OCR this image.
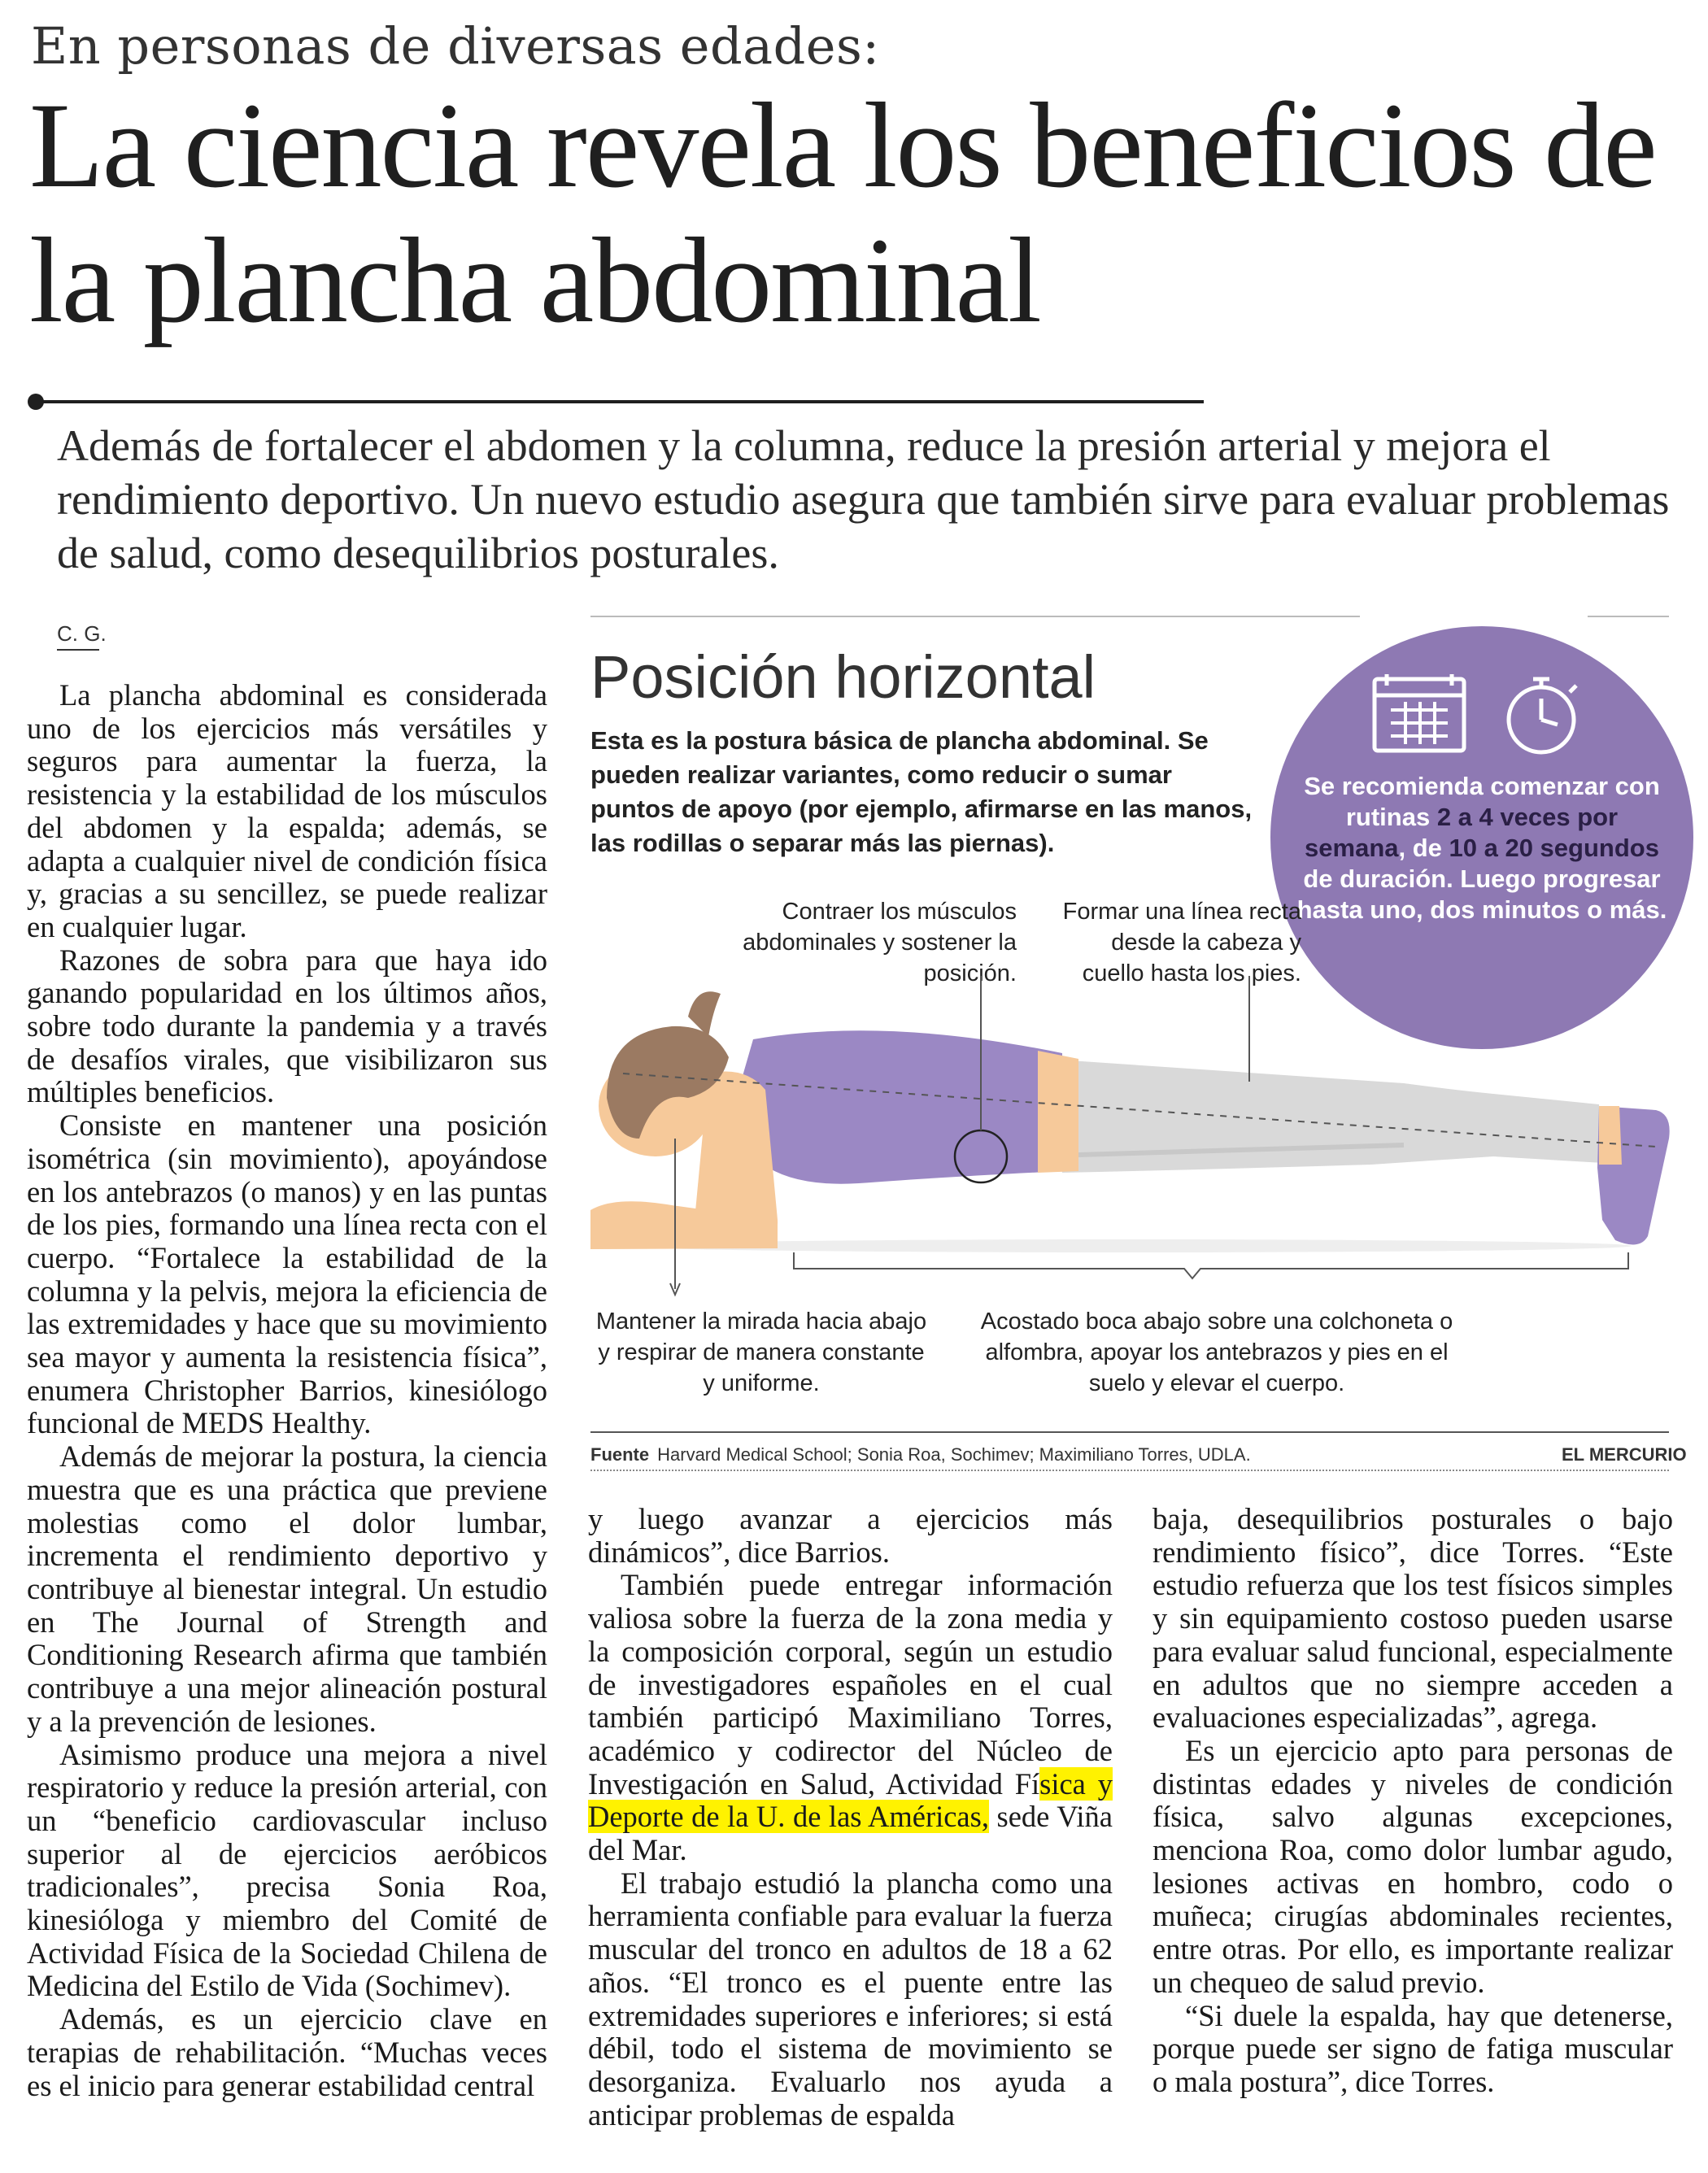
En personas de diversas edades:
La ciencia revela los beneficios de la plancha abdominal
Además de fortalecer el abdomen y la columna, reduce la presión arterial y mejora el rendimiento deportivo. Un nuevo estudio asegura que también sirve para evaluar problemas de salud, como desequilibrios posturales.
C. G.

La plancha abdominal es considerada uno de los ejercicios más versátiles y seguros para aumentar la fuerza, la resistencia y la estabilidad de los músculos del abdomen y la espalda; además, se adapta a cualquier nivel de condición física y, gracias a su sencillez, se puede realizar en cualquier lugar.

Razones de sobra para que haya ido ganando popularidad en los últimos años, sobre todo durante la pandemia y a través de desafíos virales, que visibilizaron sus múltiples beneficios.

Consiste en mantener una posición isométrica (sin movimiento), apoyándose en los antebrazos (o manos) y en las puntas de los pies, formando una línea recta con el cuerpo. “Fortalece la estabilidad de la columna y la pelvis, mejora la eficiencia de las extremidades y hace que su movimiento sea mayor y aumenta la resistencia física”, enumera Christopher Barrios, kinesiólogo funcional de MEDS Healthy.

Además de mejorar la postura, la ciencia muestra que es una práctica que previene molestias como el dolor lumbar, incrementa el rendimiento deportivo y contribuye al bienestar integral. Un estudio en The Journal of Strength and Conditioning Research afirma que también contribuye a una mejor alineación postural y a la prevención de lesiones.

Asimismo produce una mejora a nivel respiratorio y reduce la presión arterial, con un “beneficio cardiovascular incluso superior al de ejercicios aeróbicos tradicionales”, precisa Sonia Roa, kinesióloga y miembro del Comité de Actividad Física de la Sociedad Chilena de Medicina del Estilo de Vida (Sochimev).

Además, es un ejercicio clave en terapias de rehabilitación. “Muchas veces es el inicio para generar estabilidad central

y luego avanzar a ejercicios más dinámicos”, dice Barrios.

También puede entregar información valiosa sobre la fuerza de la zona media y la composición corporal, según un estudio de investigadores españoles en el cual también participó Maximiliano Torres, académico y codirector del Núcleo de Investigación en Salud, Actividad Física y Deporte de la U. de las Américas, sede Viña del Mar.

El trabajo estudió la plancha como una herramienta confiable para evaluar la fuerza muscular del tronco en adultos de 18 a 62 años. “El tronco es el puente entre las extremidades superiores e inferiores; si está débil, todo el sistema de movimiento se desorganiza. Evaluarlo nos ayuda a anticipar problemas de espalda

baja, desequilibrios posturales o bajo rendimiento físico”, dice Torres. “Este estudio refuerza que los test físicos simples y sin equipamiento costoso pueden usarse para evaluar salud funcional, especialmente en adultos que no siempre acceden a evaluaciones especializadas”, agrega.

Es un ejercicio apto para personas de distintas edades y niveles de condición física, salvo algunas excepciones, menciona Roa, como dolor lumbar agudo, lesiones activas en hombro, codo o muñeca; cirugías abdominales recientes, entre otras. Por ello, es importante realizar un chequeo de salud previo.

“Si duele la espalda, hay que detenerse, porque puede ser signo de fatiga muscular o mala postura”, dice Torres.

Posición horizontal
Esta es la postura básica de plancha abdominal. Se pueden realizar variantes, como reducir o sumar puntos de apoyo (por ejemplo, afirmarse en las manos, las rodillas o separar más las piernas).
Se recomienda comenzar con rutinas 2 a 4 veces por semana, de 10 a 20 segundos de duración. Luego progresar hasta uno, dos minutos o más.
Contraer los músculos abdominales y sostener la posición.
Formar una línea recta desde la cabeza y cuello hasta los pies.
Mantener la mirada hacia abajo y respirar de manera constante y uniforme.
Acostado boca abajo sobre una colchoneta o alfombra, apoyar los antebrazos y pies en el suelo y elevar el cuerpo.
Fuente Harvard Medical School; Sonia Roa, Sochimev; Maximiliano Torres, UDLA.	EL MERCURIO
